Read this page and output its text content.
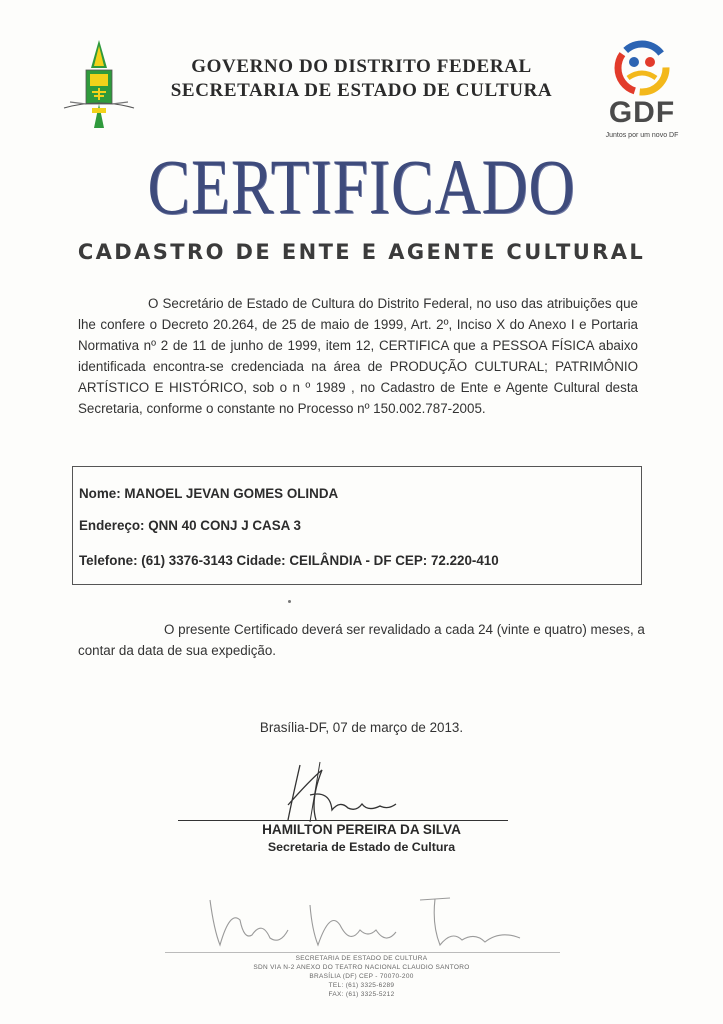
GOVERNO DO DISTRITO FEDERAL
SECRETARIA DE ESTADO DE CULTURA
GDF
Juntos por um novo DF
CERTIFICADO
CADASTRO DE ENTE E AGENTE CULTURAL
O Secretário de Estado de Cultura do Distrito Federal, no uso das atribuições que lhe confere o Decreto 20.264, de 25 de maio de 1999, Art. 2º, Inciso X do Anexo I e Portaria Normativa nº 2 de 11 de junho de 1999, item 12, CERTIFICA que a PESSOA FÍSICA abaixo identificada encontra-se credenciada na área de PRODUÇÃO CULTURAL; PATRIMÔNIO ARTÍSTICO E HISTÓRICO, sob o n º 1989 , no Cadastro de Ente e Agente Cultural desta Secretaria, conforme o constante no Processo nº 150.002.787-2005.
Nome: MANOEL JEVAN GOMES OLINDA
Endereço: QNN 40 CONJ J CASA 3
Telefone: (61) 3376-3143 Cidade: CEILÂNDIA - DF CEP: 72.220-410
O presente Certificado deverá ser revalidado a cada 24 (vinte e quatro) meses, a contar da data de sua expedição.
Brasília-DF, 07 de março de 2013.
HAMILTON PEREIRA DA SILVA
Secretaria de Estado de Cultura
SECRETARIA DE ESTADO DE CULTURA
SDN VIA N-2 ANEXO DO TEATRO NACIONAL CLAUDIO SANTORO
BRASÍLIA (DF) CEP - 70070-200
TEL: (61) 3325-6289
FAX: (61) 3325-5212
